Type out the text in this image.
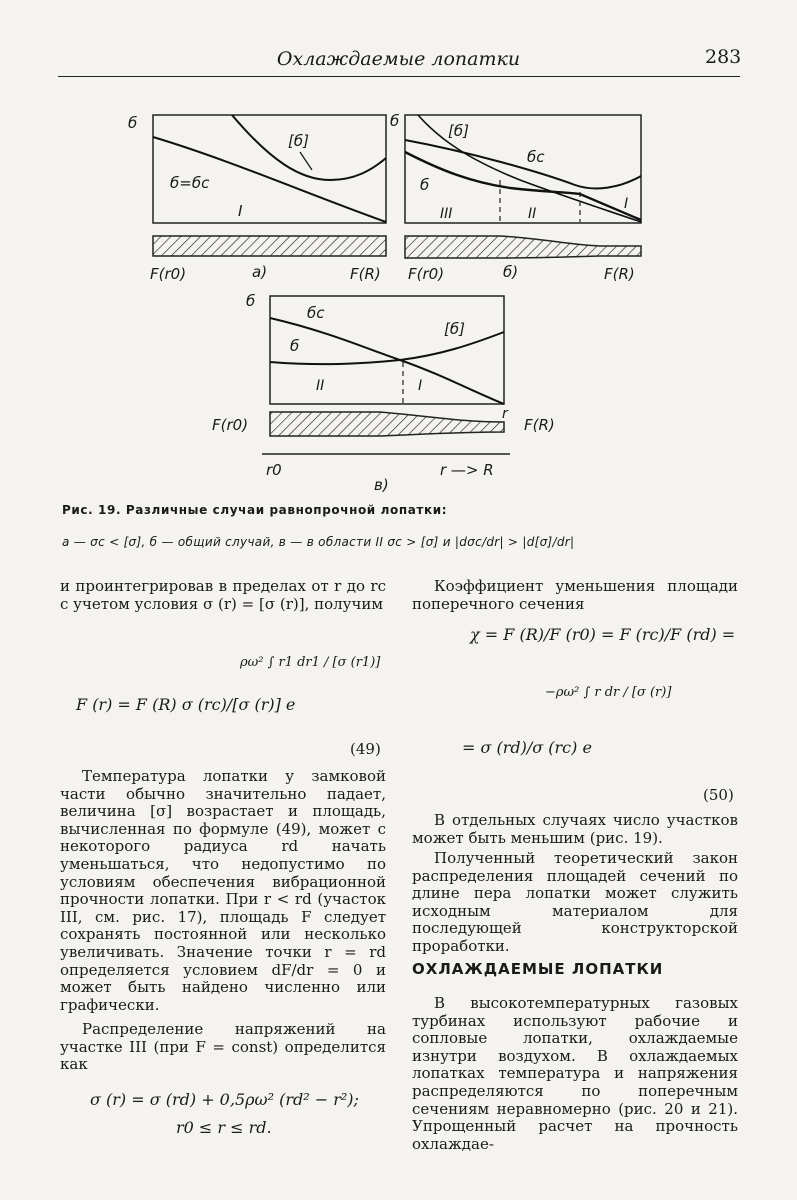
Охлаждаемые лопатки	283
б
[б]
б=бc
I
F(r0)	a)	F(R)
б
[б]
бc
б
III	II
I
F(r0)	б)	F(R)
б
бc
[б]
б
II	I
F(r0)
r
F(R)
r0	r —> R
в)
Рис. 19. Различные случаи равнопрочной лопатки:
а — σc < [σ], б — общий случай, в — в области II σc > [σ] и |dσc/dr| > |d[σ]/dr|
и проинтегрировав в пределах от r до rc с учетом условия σ (r) = [σ (r)], получим
ρω² ∫ r1 dr1 / [σ (r1)]
F (r) = F (R) σ (rc)/[σ (r)] e
(49)
Температура лопатки у замковой части обычно значительно падает, величина [σ] возрастает и площадь, вычисленная по формуле (49), может с некоторого радиуса rd начать уменьшаться, что недопустимо по условиям обеспечения вибрационной прочности лопатки. При r < rd (участок III, см. рис. 17), площадь F следует сохранять постоянной или несколько увеличивать. Значение точки r = rd определяется условием dF/dr = 0 и может быть найдено численно или графически.
Распределение напряжений на участке III (при F = const) определится как
σ (r) = σ (rd) + 0,5ρω² (rd² − r²);
r0 ≤ r ≤ rd.
Коэффициент уменьшения площади поперечного сечения
χ = F (R)/F (r0) = F (rc)/F (rd) =
−ρω² ∫ r dr / [σ (r)]
= σ (rd)/σ (rc) e
(50)
В отдельных случаях число участков может быть меньшим (рис. 19).
Полученный теоретический закон распределения площадей сечений по длине пера лопатки может служить исходным материалом для последующей конструкторской проработки.
ОХЛАЖДАЕМЫЕ ЛОПАТКИ
В высокотемпературных газовых турбинах используют рабочие и сопловые лопатки, охлаждаемые изнутри воздухом. В охлаждаемых лопатках температура и напряжения распределяются по поперечным сечениям неравномерно (рис. 20 и 21). Упрощенный расчет на прочность охлаждае-
